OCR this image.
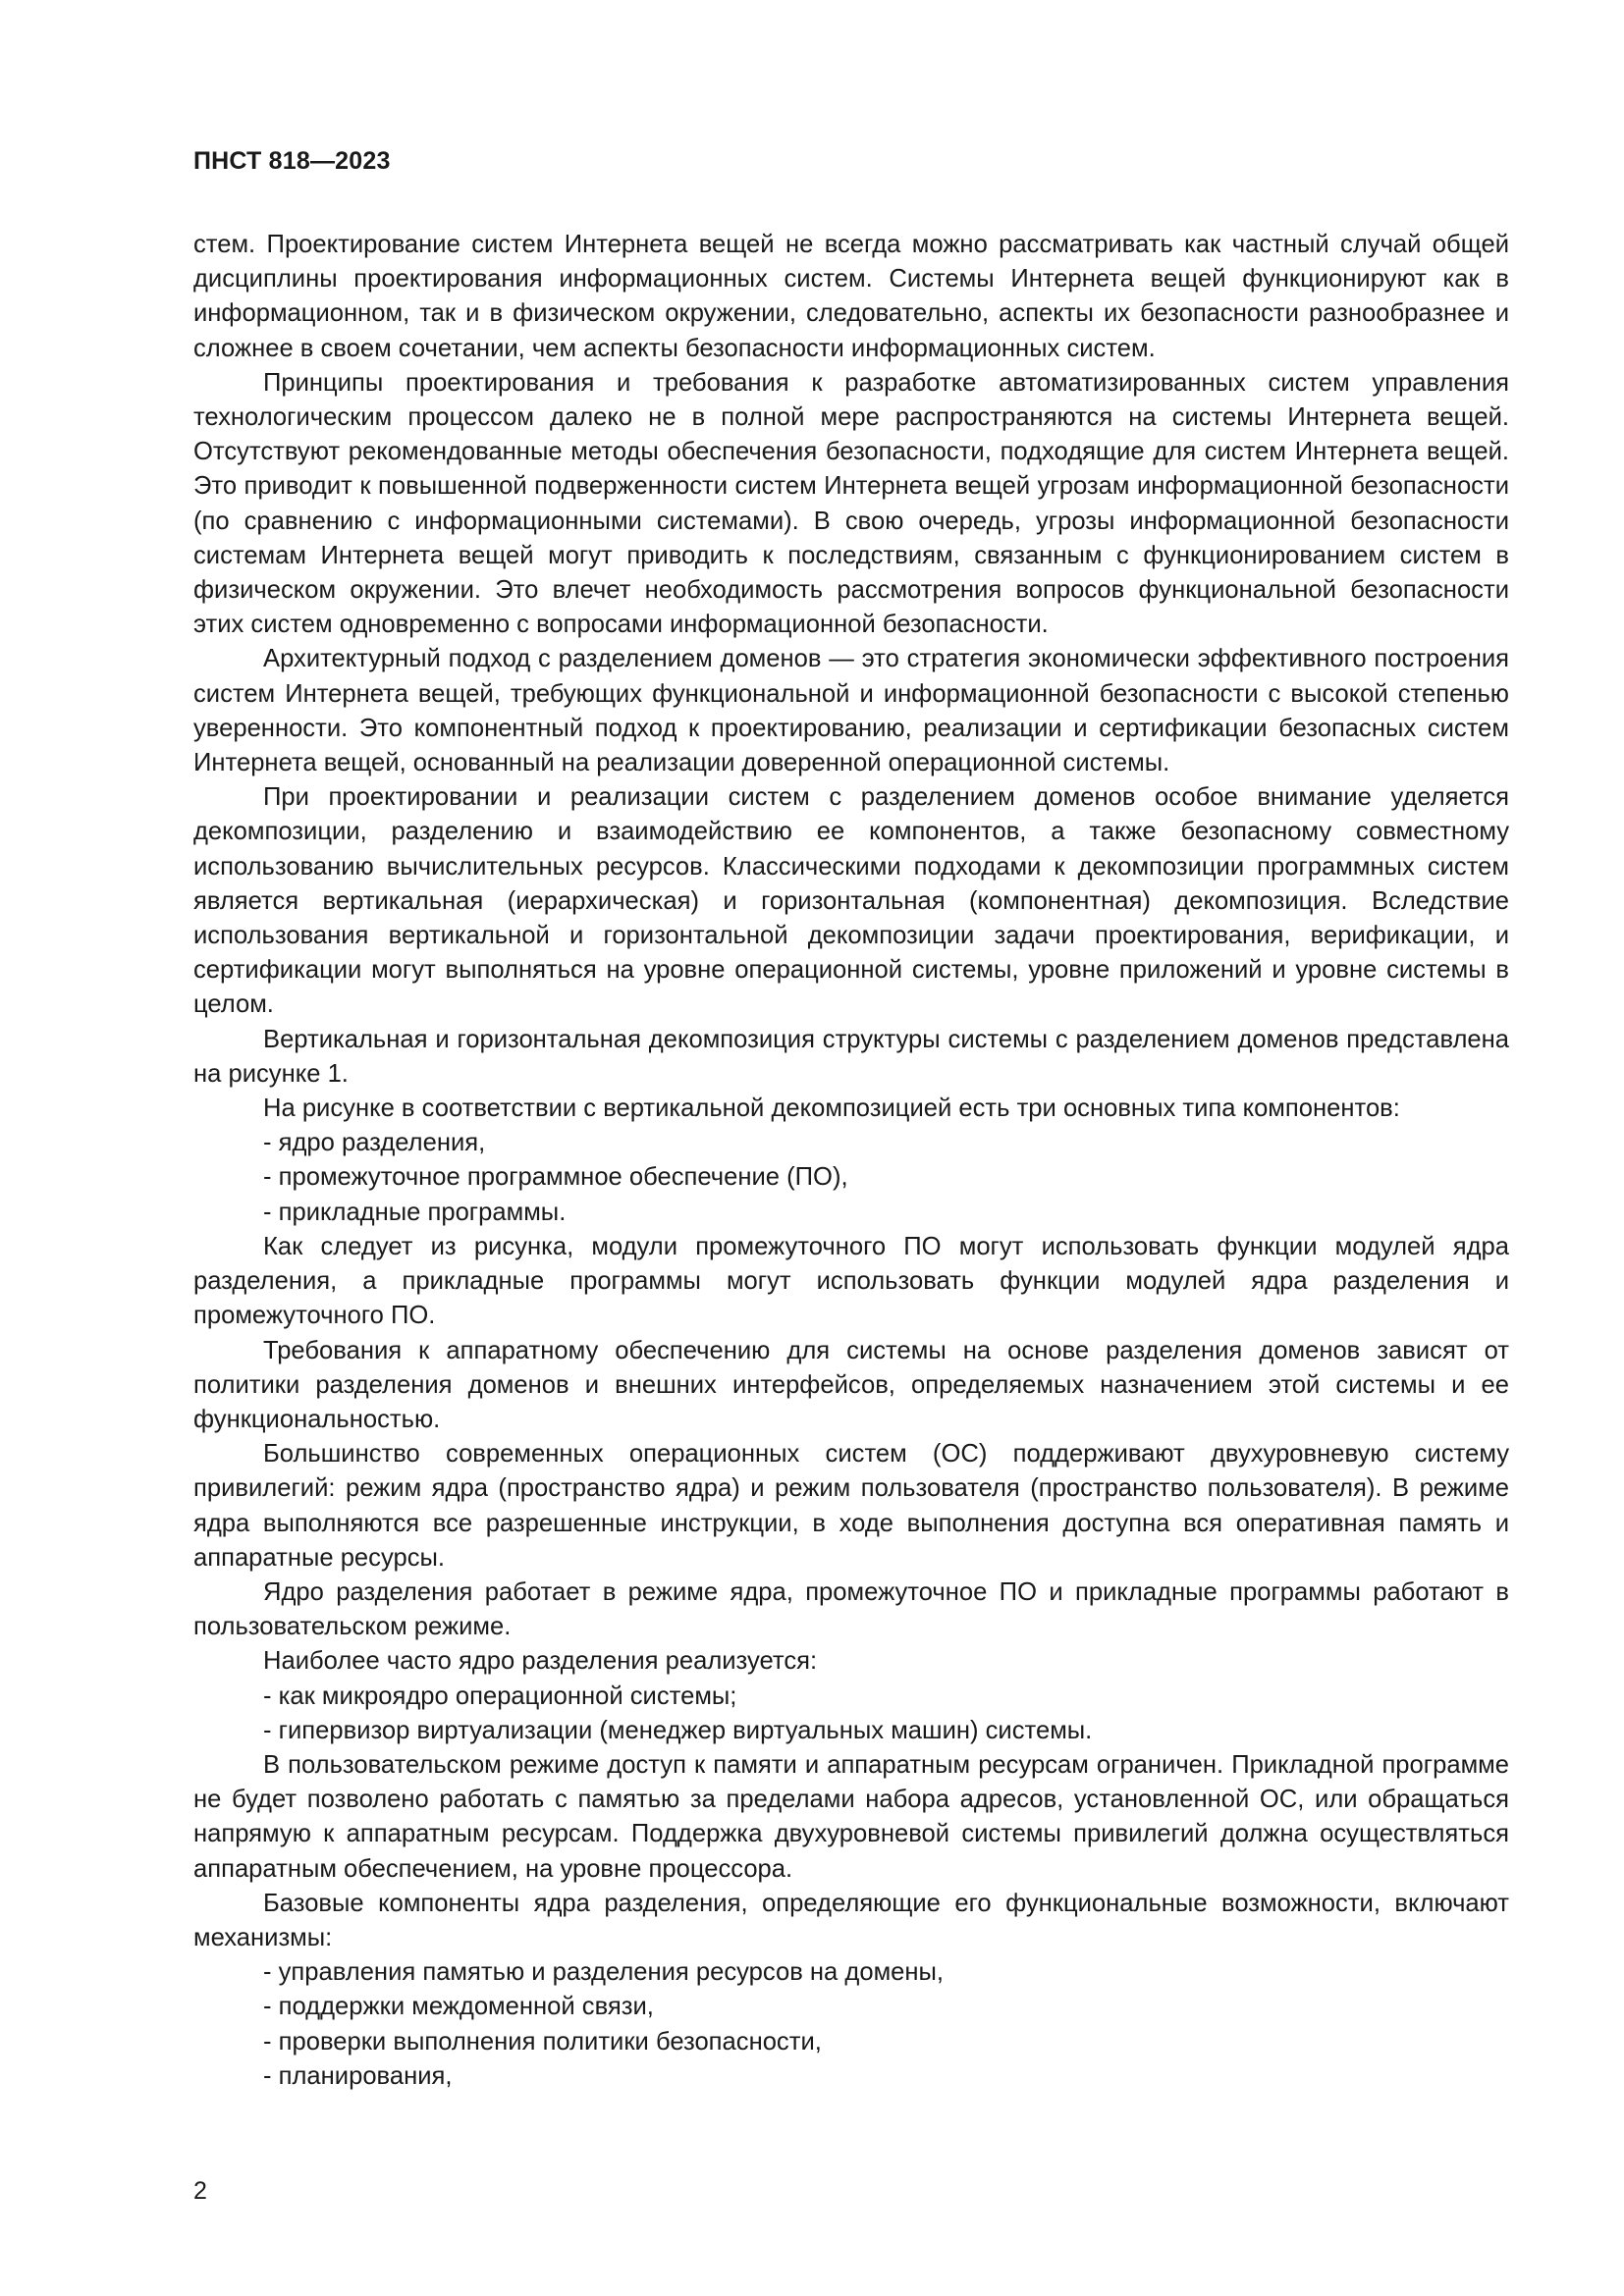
ПНСТ 818—2023

стем. Проектирование систем Интернета вещей не всегда можно рассматривать как частный случай общей дисциплины проектирования информационных систем. Системы Интернета вещей функционируют как в информационном, так и в физическом окружении, следовательно, аспекты их безопасности разнообразнее и сложнее в своем сочетании, чем аспекты безопасности информационных систем.

Принципы проектирования и требования к разработке автоматизированных систем управления технологическим процессом далеко не в полной мере распространяются на системы Интернета вещей. Отсутствуют рекомендованные методы обеспечения безопасности, подходящие для систем Интернета вещей. Это приводит к повышенной подверженности систем Интернета вещей угрозам информационной безопасности (по сравнению с информационными системами). В свою очередь, угрозы информационной безопасности системам Интернета вещей могут приводить к последствиям, связанным с функционированием систем в физическом окружении. Это влечет необходимость рассмотрения вопросов функциональной безопасности этих систем одновременно с вопросами информационной безопасности.

Архитектурный подход с разделением доменов — это стратегия экономически эффективного построения систем Интернета вещей, требующих функциональной и информационной безопасности с высокой степенью уверенности. Это компонентный подход к проектированию, реализации и сертификации безопасных систем Интернета вещей, основанный на реализации доверенной операционной системы.

При проектировании и реализации систем с разделением доменов особое внимание уделяется декомпозиции, разделению и взаимодействию ее компонентов, а также безопасному совместному использованию вычислительных ресурсов. Классическими подходами к декомпозиции программных систем является вертикальная (иерархическая) и горизонтальная (компонентная) декомпозиция. Вследствие использования вертикальной и горизонтальной декомпозиции задачи проектирования, верификации, и сертификации могут выполняться на уровне операционной системы, уровне приложений и уровне системы в целом.

Вертикальная и горизонтальная декомпозиция структуры системы с разделением доменов представлена на рисунке 1.

На рисунке в соответствии с вертикальной декомпозицией есть три основных типа компонентов:

- ядро разделения,
- промежуточное программное обеспечение (ПО),
- прикладные программы.

Как следует из рисунка, модули промежуточного ПО могут использовать функции модулей ядра разделения, а прикладные программы могут использовать функции модулей ядра разделения и промежуточного ПО.

Требования к аппаратному обеспечению для системы на основе разделения доменов зависят от политики разделения доменов и внешних интерфейсов, определяемых назначением этой системы и ее функциональностью.

Большинство современных операционных систем (ОС) поддерживают двухуровневую систему привилегий: режим ядра (пространство ядра) и режим пользователя (пространство пользователя). В режиме ядра выполняются все разрешенные инструкции, в ходе выполнения доступна вся оперативная память и аппаратные ресурсы.

Ядро разделения работает в режиме ядра, промежуточное ПО и прикладные программы работают в пользовательском режиме.

Наиболее часто ядро разделения реализуется:

- как микроядро операционной системы;
- гипервизор виртуализации (менеджер виртуальных машин) системы.

В пользовательском режиме доступ к памяти и аппаратным ресурсам ограничен. Прикладной программе не будет позволено работать с памятью за пределами набора адресов, установленной ОС, или обращаться напрямую к аппаратным ресурсам. Поддержка двухуровневой системы привилегий должна осуществляться аппаратным обеспечением, на уровне процессора.

Базовые компоненты ядра разделения, определяющие его функциональные возможности, включают механизмы:

- управления памятью и разделения ресурсов на домены,
- поддержки междоменной связи,
- проверки выполнения политики безопасности,
- планирования,
2
